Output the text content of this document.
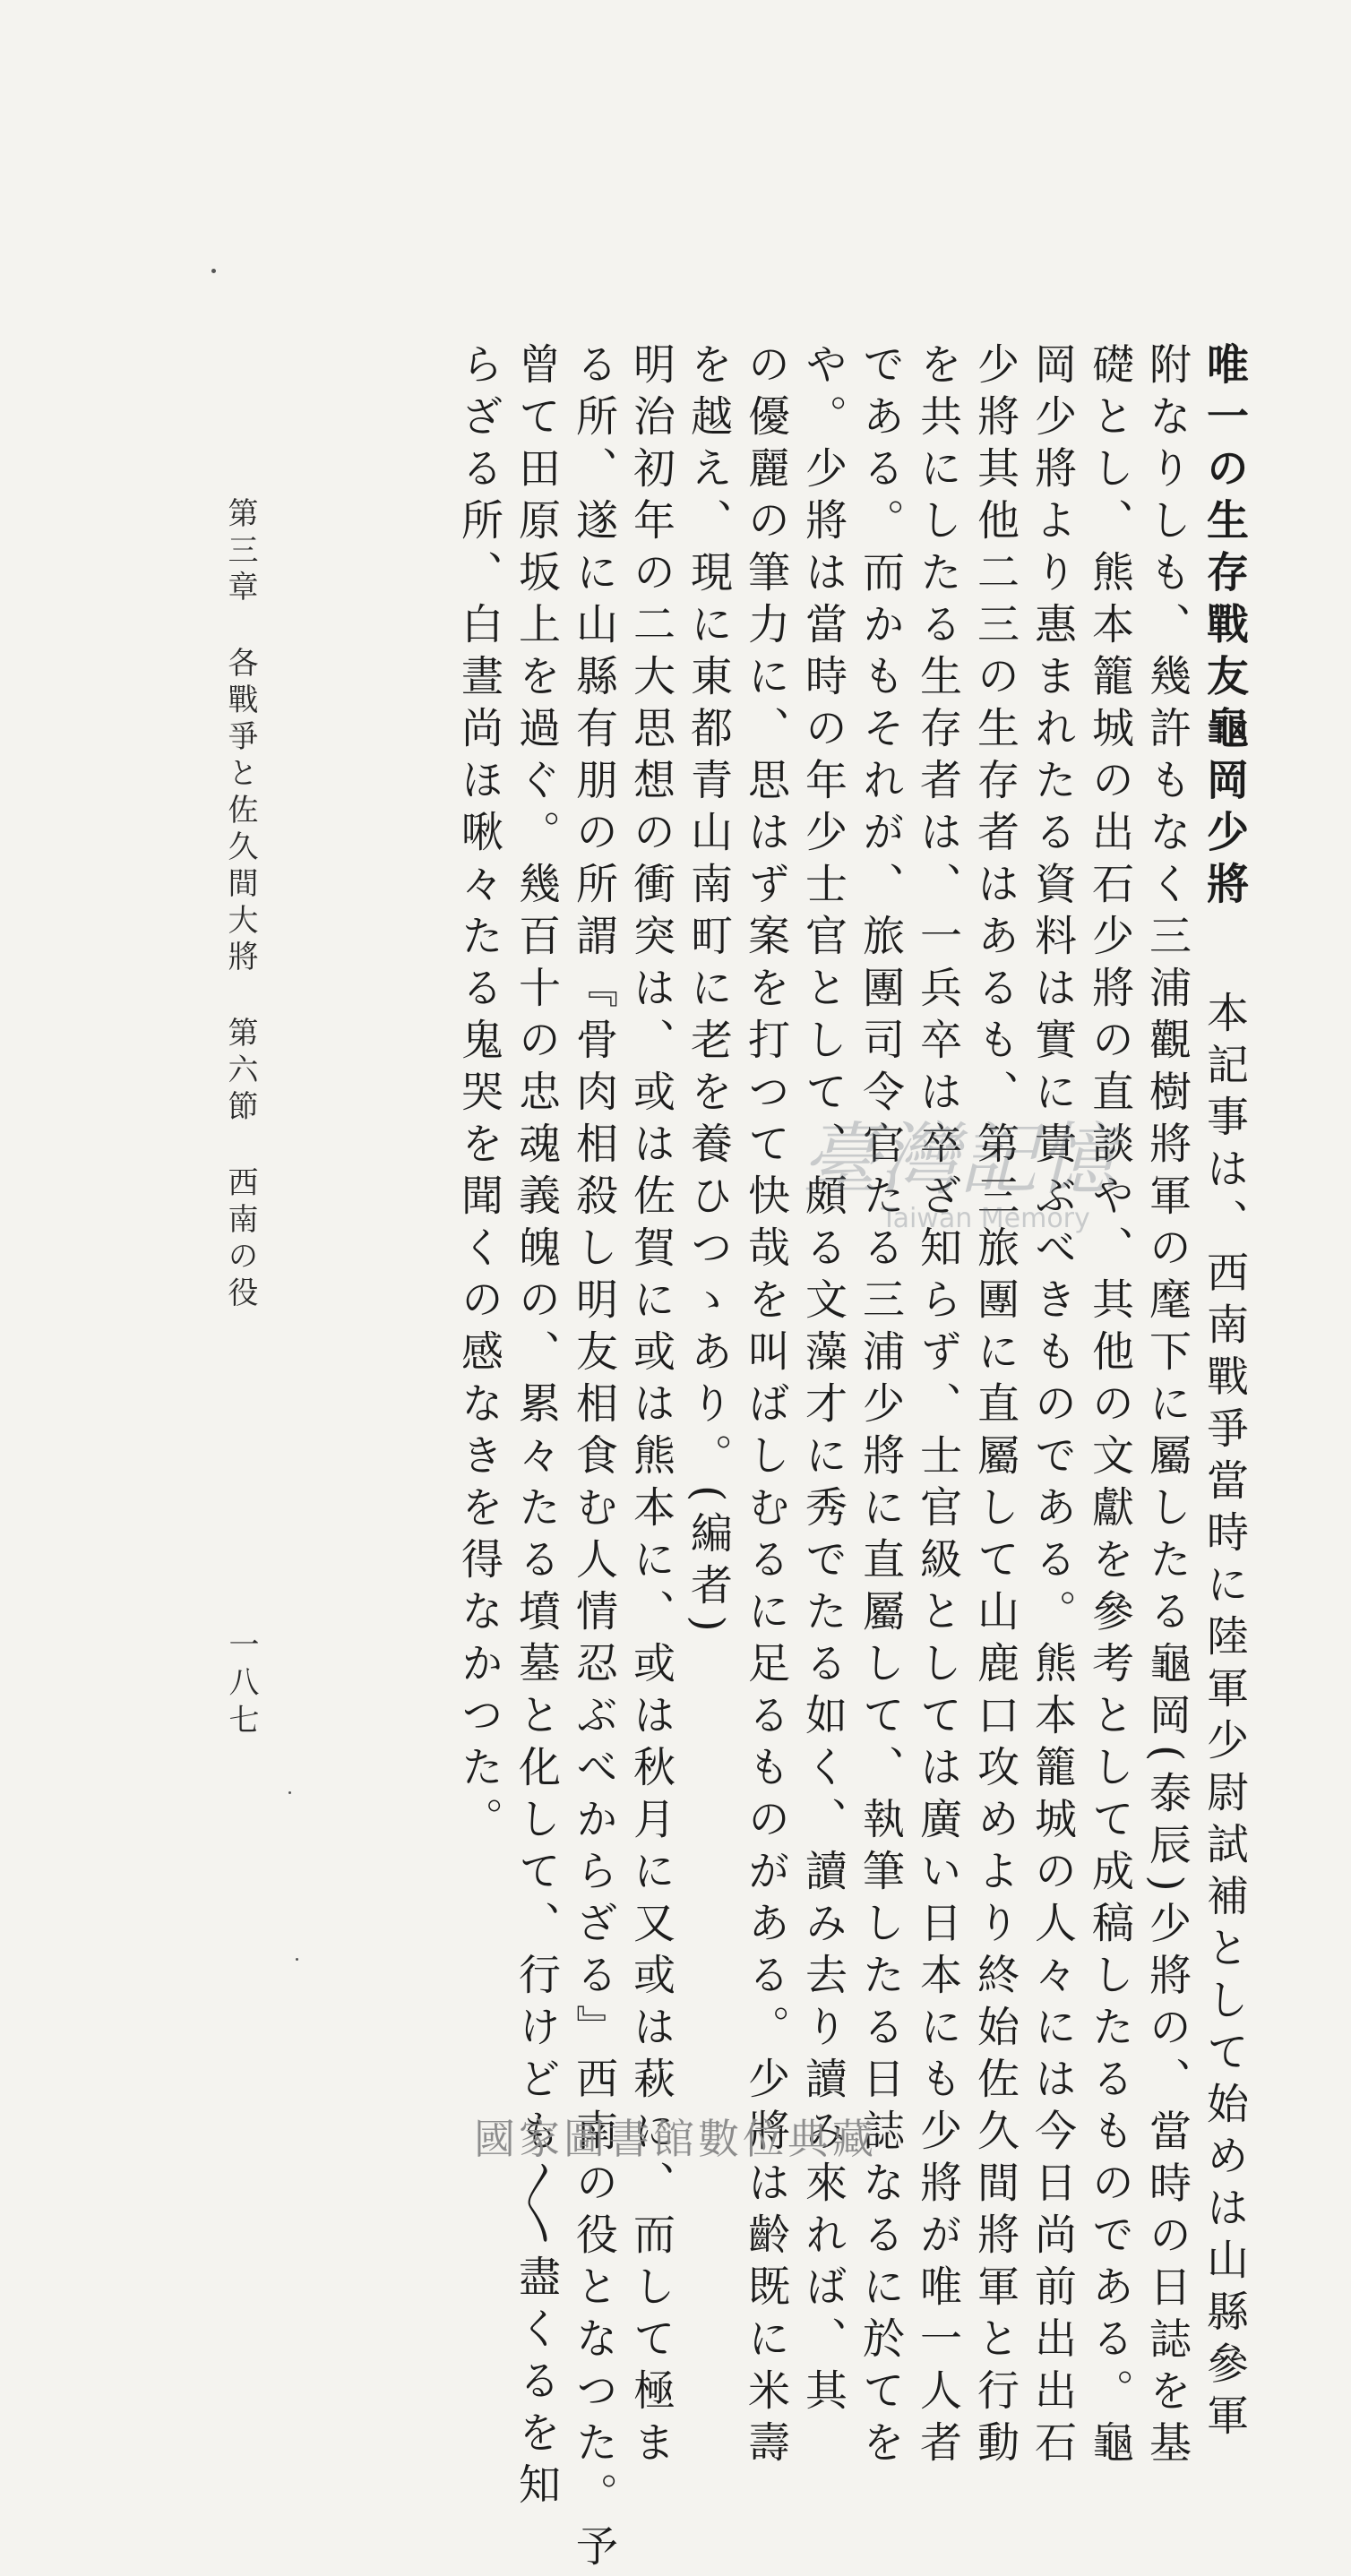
唯一の生存戰友龜岡少將本記事は、西南戰爭當時に陸軍少尉試補として始めは山縣參軍
附なりしも、幾許もなく三浦觀樹將軍の麾下に屬したる龜岡(泰辰)少將の、當時の日誌を基
礎とし、熊本籠城の出石少將の直談や、其他の文獻を參考として成稿したるものである。龜
岡少將より惠まれたる資料は實に貴ぶべきものである。熊本籠城の人々には今日尚前出出石
少將其他二三の生存者はあるも、第三旅團に直屬して山鹿口攻めより終始佐久間將軍と行動
を共にしたる生存者は、一兵卒は卒ざ知らず、士官級としては廣い日本にも少將が唯一人者
である。而かもそれが、旅團司令官たる三浦少將に直屬して、執筆したる日誌なるに於てを
や。少將は當時の年少士官として、頗る文藻才に秀でたる如く、讀み去り讀み來れば、其
の優麗の筆力に、思はず案を打つて快哉を叫ばしむるに足るものがある。少將は齡既に米壽
を越え、現に東都青山南町に老を養ひつゝあり。(編者)
明治初年の二大思想の衝突は、或は佐賀に或は熊本に、或は秋月に又或は萩に、而して極ま
る所、遂に山縣有朋の所謂『骨肉相殺し明友相食む人情忍ぶべからざる』西南の役となつた。予
曾て田原坂上を過ぐ。幾百十の忠魂義魄の、累々たる墳墓と化して、行けども〳〵盡くるを知
らざる所、白晝尚ほ啾々たる鬼哭を聞くの感なきを得なかつた。
第三章各戰爭と佐久間大將第六節西南の役
一八七
臺灣記憶
Taiwan Memory
國家圖書館數位典藏
